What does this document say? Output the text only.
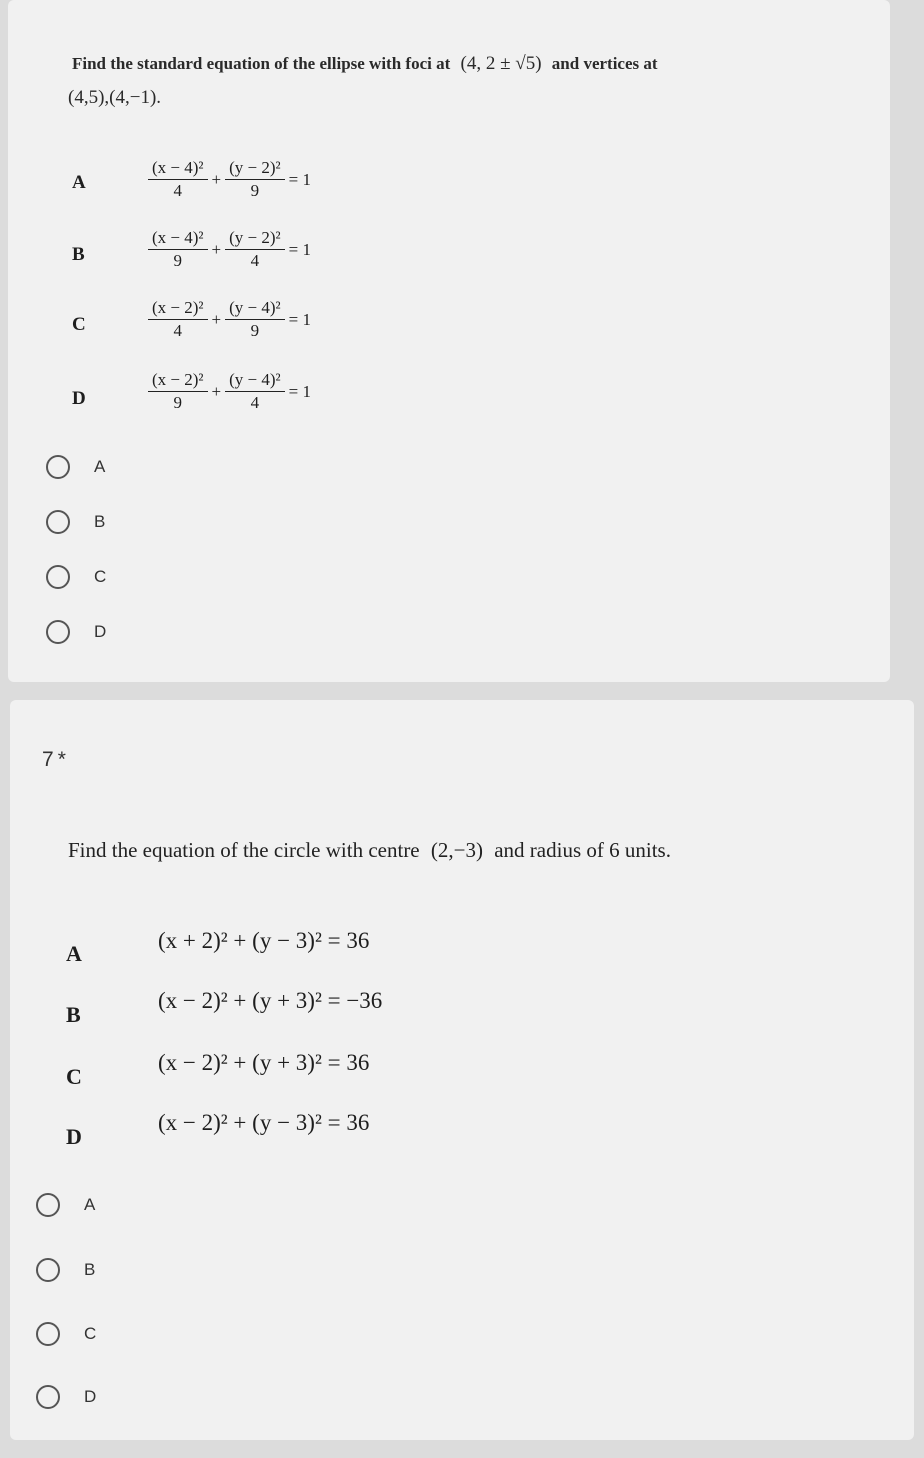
Find the standard equation of the ellipse with foci at (4, 2 ± √5) and vertices at
(4,5),(4,−1).
A	$\frac{\text{(x − 4)²}}{4} + \frac{\text{(y − 2)²}}{9} = 1$
B	$\frac{\text{(x − 4)²}}{9} + \frac{\text{(y − 2)²}}{4} = 1$
C	$\frac{\text{(x − 2)²}}{4} + \frac{\text{(y − 4)²}}{9} = 1$
D	$\frac{\text{(x − 2)²}}{9} + \frac{\text{(y − 4)²}}{4} = 1$
A
B
C
D
7 *
Find the equation of the circle with centre (2,−3) and radius of 6 units.
A
(x + 2)² + (y − 3)² = 36
B
(x − 2)² + (y + 3)² = −36
C
(x − 2)² + (y + 3)² = 36
D
(x − 2)² + (y − 3)² = 36
A
B
C
D
